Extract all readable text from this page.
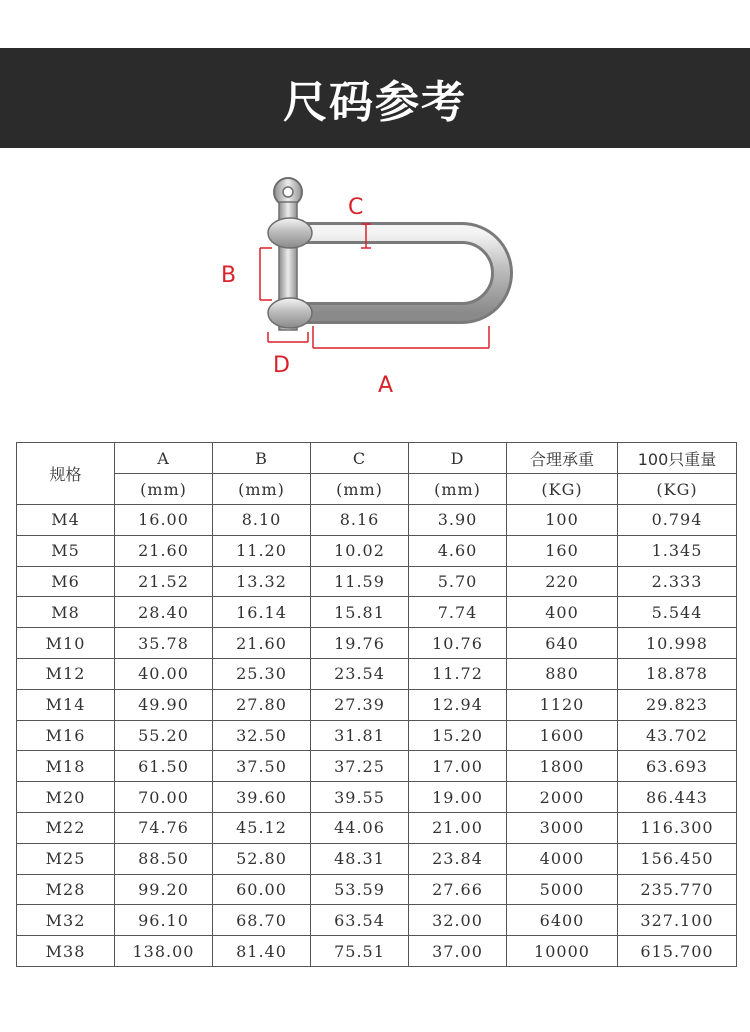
尺码参考
C
B
D
A
规格	A	B	C	D	合理承重	100只重量
	(mm)	(mm)	(mm)	(mm)	(KG)	(KG)
M4	16.00	8.10	8.16	3.90	100	0.794
M5	21.60	11.20	10.02	4.60	160	1.345
M6	21.52	13.32	11.59	5.70	220	2.333
M8	28.40	16.14	15.81	7.74	400	5.544
M10	35.78	21.60	19.76	10.76	640	10.998
M12	40.00	25.30	23.54	11.72	880	18.878
M14	49.90	27.80	27.39	12.94	1120	29.823
M16	55.20	32.50	31.81	15.20	1600	43.702
M18	61.50	37.50	37.25	17.00	1800	63.693
M20	70.00	39.60	39.55	19.00	2000	86.443
M22	74.76	45.12	44.06	21.00	3000	116.300
M25	88.50	52.80	48.31	23.84	4000	156.450
M28	99.20	60.00	53.59	27.66	5000	235.770
M32	96.10	68.70	63.54	32.00	6400	327.100
M38	138.00	81.40	75.51	37.00	10000	615.700
